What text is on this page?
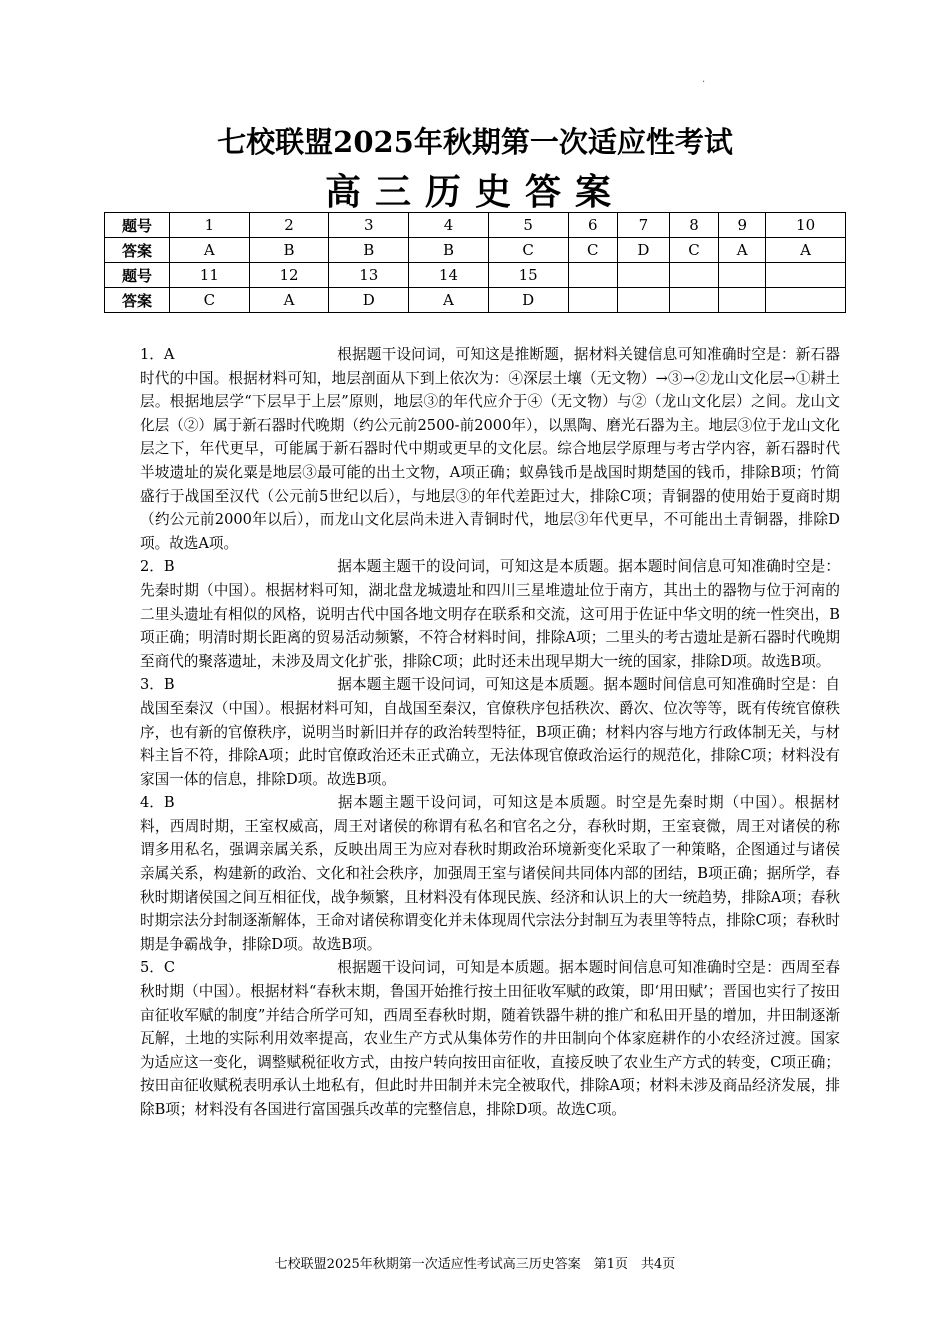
.
七校联盟2025年秋期第一次适应性考试
高三历史答案
题号	1	2	3	4	5	6	7	8	9	10
答案	A	B	B	B	C	C	D	C	A	A
题号	11	12	13	14	15					
答案	C	A	D	A	D					
1．A	根据题干设问词，可知这是推断题，据材料关键信息可知准确时空是：新石器时代的中国。根据材料可知，地层剖面从下到上依次为：④深层土壤（无文物）→③→②龙山文化层→①耕土层。根据地层学“下层早于上层”原则，地层③的年代应介于④（无文物）与②（龙山文化层）之间。龙山文化层（②）属于新石器时代晚期（约公元前2500-前2000年），以黑陶、磨光石器为主。地层③位于龙山文化层之下，年代更早，可能属于新石器时代中期或更早的文化层。综合地层学原理与考古学内容，新石器时代半坡遗址的炭化粟是地层③最可能的出土文物，A项正确；蚁鼻钱币是战国时期楚国的钱币，排除B项；竹简盛行于战国至汉代（公元前5世纪以后），与地层③的年代差距过大，排除C项；青铜器的使用始于夏商时期（约公元前2000年以后），而龙山文化层尚未进入青铜时代，地层③年代更早，不可能出土青铜器，排除D项。故选A项。
2．B	据本题主题干的设问词，可知这是本质题。据本题时间信息可知准确时空是：先秦时期（中国）。根据材料可知，湖北盘龙城遗址和四川三星堆遗址位于南方，其出土的器物与位于河南的二里头遗址有相似的风格，说明古代中国各地文明存在联系和交流，这可用于佐证中华文明的统一性突出，B项正确；明清时期长距离的贸易活动频繁，不符合材料时间，排除A项；二里头的考古遗址是新石器时代晚期至商代的聚落遗址，未涉及周文化扩张，排除C项；此时还未出现早期大一统的国家，排除D项。故选B项。
3．B	据本题主题干设问词，可知这是本质题。据本题时间信息可知准确时空是：自战国至秦汉（中国）。根据材料可知，自战国至秦汉，官僚秩序包括秩次、爵次、位次等等，既有传统官僚秩序，也有新的官僚秩序，说明当时新旧并存的政治转型特征，B项正确；材料内容与地方行政体制无关，与材料主旨不符，排除A项；此时官僚政治还未正式确立，无法体现官僚政治运行的规范化，排除C项；材料没有家国一体的信息，排除D项。故选B项。
4．B	据本题主题干设问词，可知这是本质题。时空是先秦时期（中国）。根据材料，西周时期，王室权威高，周王对诸侯的称谓有私名和官名之分，春秋时期，王室衰微，周王对诸侯的称谓多用私名，强调亲属关系，反映出周王为应对春秋时期政治环境新变化采取了一种策略，企图通过与诸侯亲属关系，构建新的政治、文化和社会秩序，加强周王室与诸侯间共同体内部的团结，B项正确；据所学，春秋时期诸侯国之间互相征伐，战争频繁，且材料没有体现民族、经济和认识上的大一统趋势，排除A项；春秋时期宗法分封制逐渐解体，王命对诸侯称谓变化并未体现周代宗法分封制互为表里等特点，排除C项；春秋时期是争霸战争，排除D项。故选B项。
5．C	根据题干设问词，可知是本质题。据本题时间信息可知准确时空是：西周至春秋时期（中国）。根据材料“春秋末期，鲁国开始推行按土田征收军赋的政策，即‘用田赋’；晋国也实行了按田亩征收军赋的制度”并结合所学可知，西周至春秋时期，随着铁器牛耕的推广和私田开垦的增加，井田制逐渐瓦解，土地的实际利用效率提高，农业生产方式从集体劳作的井田制向个体家庭耕作的小农经济过渡。国家为适应这一变化，调整赋税征收方式，由按户转向按田亩征收，直接反映了农业生产方式的转变，C项正确；按田亩征收赋税表明承认土地私有，但此时井田制并未完全被取代，排除A项；材料未涉及商品经济发展，排除B项；材料没有各国进行富国强兵改革的完整信息，排除D项。故选C项。
七校联盟2025年秋期第一次适应性考试高三历史答案　第1页　共4页
